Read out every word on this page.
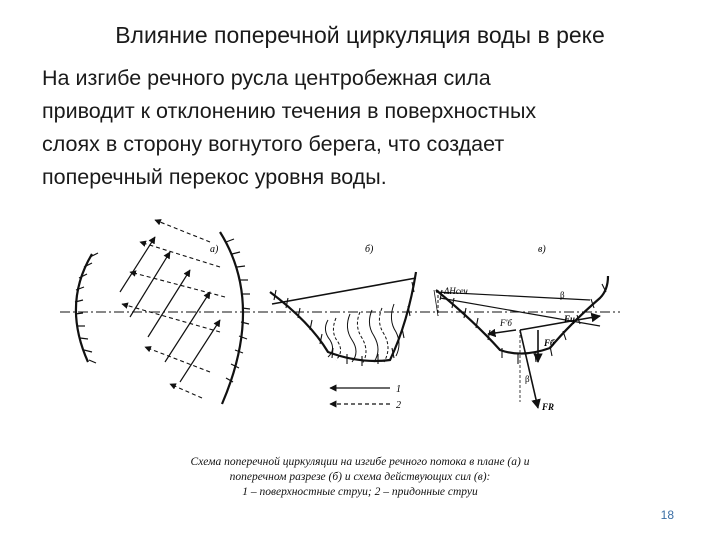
Влияние поперечной циркуляция воды в реке
На изгибе речного русла центробежная сила
приводит к отклонению течения в поверхностных
слоях в сторону вогнутого берега, что создает
поперечный перекос уровня воды.
а)	б)
1
2
в)
ΔHсеч	β
Fц
F'б
Fб
β
FR
Схема поперечной циркуляции на изгибе речного потока в плане (а) и
поперечном разрезе (б) и схема действующих сил (в):
1 – поверхностные струи; 2 – придонные струи
18
